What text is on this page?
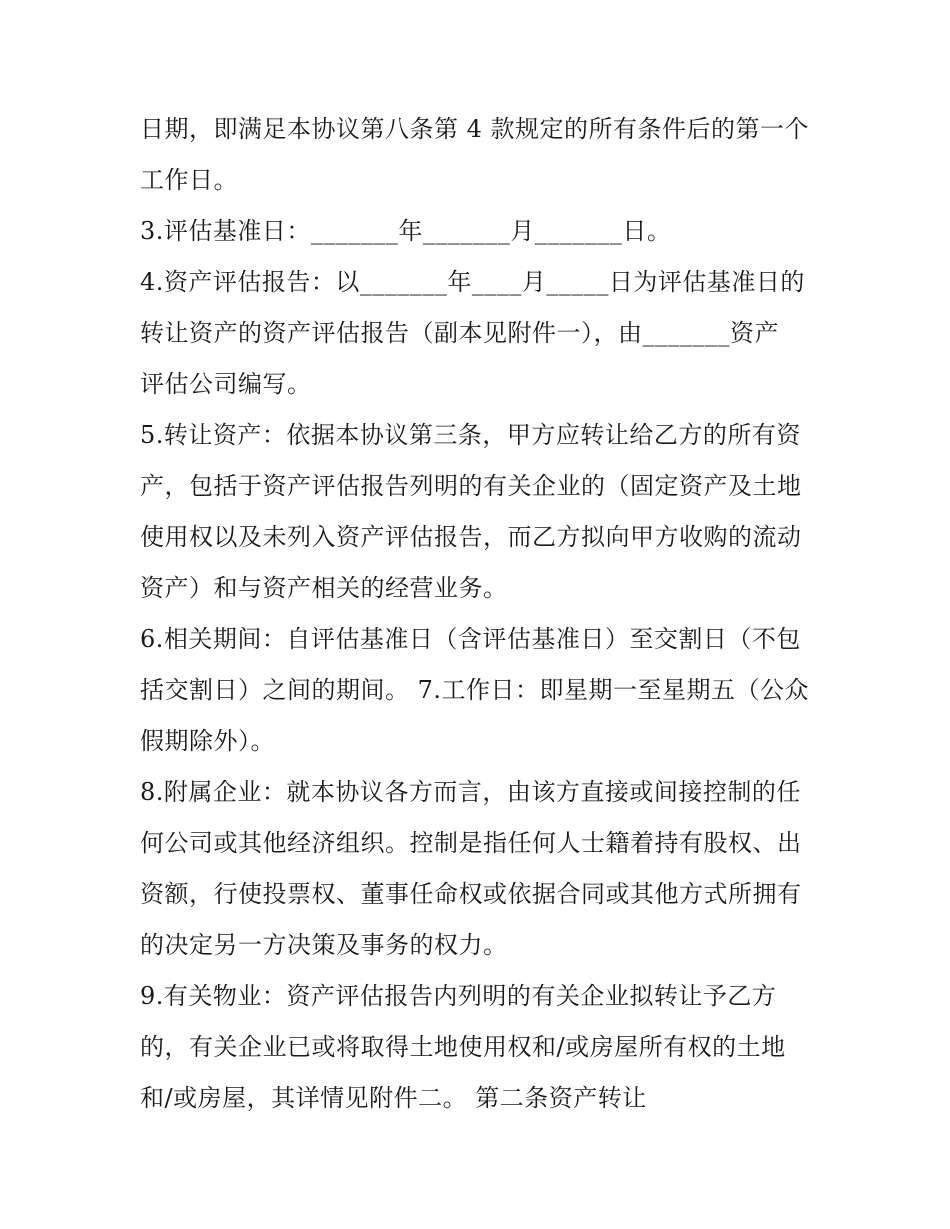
日期，即满足本协议第八条第 4 款规定的所有条件后的第一个
工作日。
3.评估基准日：_______年_______月_______日。
4.资产评估报告：以_______年____月_____日为评估基准日的
转让资产的资产评估报告（副本见附件一），由_______资产
评估公司编写。
5.转让资产：依据本协议第三条，甲方应转让给乙方的所有资
产，包括于资产评估报告列明的有关企业的（固定资产及土地
使用权以及未列入资产评估报告，而乙方拟向甲方收购的流动
资产）和与资产相关的经营业务。
6.相关期间：自评估基准日（含评估基准日）至交割日（不包
括交割日）之间的期间。 7.工作日：即星期一至星期五（公众
假期除外）。
8.附属企业：就本协议各方而言，由该方直接或间接控制的任
何公司或其他经济组织。控制是指任何人士籍着持有股权、出
资额，行使投票权、董事任命权或依据合同或其他方式所拥有
的决定另一方决策及事务的权力。
9.有关物业：资产评估报告内列明的有关企业拟转让予乙方
的，有关企业已或将取得土地使用权和/或房屋所有权的土地
和/或房屋，其详情见附件二。 第二条资产转让
